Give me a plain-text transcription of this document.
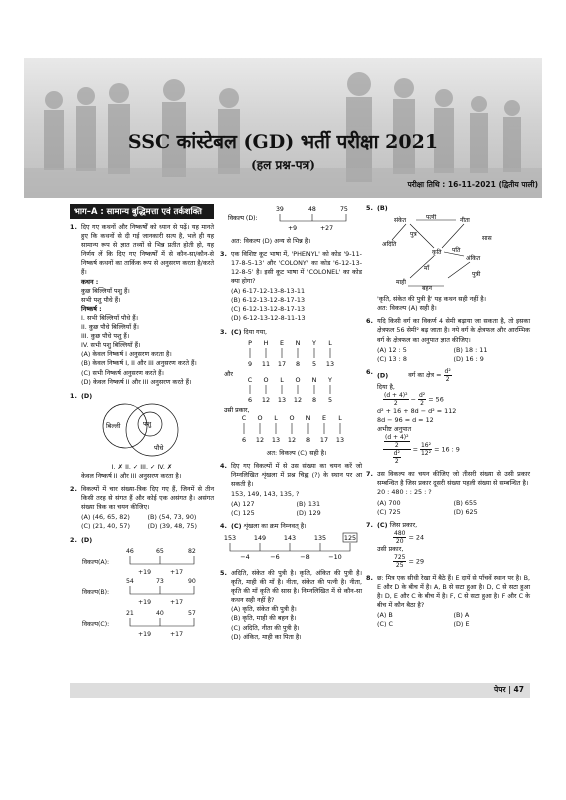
SSC कांस्टेबल (GD) भर्ती परीक्षा 2021
(हल प्रश्न-पत्र)
परीक्षा तिथि : 16-11-2021 (द्वितीय पाली)
भाग–A : सामान्य बुद्धिमत्ता एवं तर्कशक्ति
1. दिए गए कथनों और निष्कर्षों को ध्यान से पढ़ें। यह मानते हुए कि कथनों से दी गई जानकारी सत्य है, भले ही यह सामान्य रूप से ज्ञात तथ्यों से भिन्न प्रतीत होती हो, यह निर्णय लें कि दिए गए निष्कर्षों में से कौन-सा/कौन-से निष्कर्ष कथनों का तार्किक रूप से अनुसरण करता है/करते हैं।
कथन :
कुछ बिल्लियाँ पशु हैं।
सभी पशु पौधे हैं।
निष्कर्ष :
I. सभी बिल्लियाँ पौधे हैं।
II. कुछ पौधे बिल्लियाँ हैं।
III. कुछ पौधे पशु हैं।
IV. सभी पशु बिल्लियाँ हैं।
(A) केवल निष्कर्ष I अनुसरण करता है।
(B) केवल निष्कर्ष I, II और III अनुसरण करते हैं।
(C) सभी निष्कर्ष अनुसरण करते हैं।
(D) केवल निष्कर्ष II और III अनुसरण करते हैं।
1. (D)
बिल्ली	पशु
पौधे
I. ✗ II. ✓ III. ✓ IV. ✗
केवल निष्कर्ष II और III अनुसरण करता है।
2. विकल्पों में चार संख्या-त्रिक दिए गए हैं, जिनमें से तीन किसी तरह से संगत हैं और कोई एक असंगत है। असंगत संख्या त्रिक का चयन कीजिए।
(A) (46, 65, 82)	(B) (54, 73, 90)
(C) (21, 40, 57)	(D) (39, 48, 75)
2. (D)
विकल्प(A):
46	65	82
+19	+17
विकल्प(B):
54	73	90
+19	+17
विकल्प(C):
21	40	57
+19	+17
विकल्प (D):
39	48	75
+9	+27
अत: विकल्प (D) अन्य से भिन्न है।
3. एक विशिष्ट कूट भाषा में, 'PHENYL' को कोड '9-11-17-8-5-13' और 'COLONY' का कोड '6-12-13-12-8-5' है। इसी कूट भाषा में 'COLONEL' का कोड क्या होगा?
(A) 6-17-12-13-8-13-11
(B) 6-12-13-12-8-17-13
(C) 6-12-13-12-8-17-13
(D) 6-12-13-12-8-11-13
3. (C) दिया गया,
P H E N Y L
9 11 17 8 5 13
C O L O N Y
6 12 13 12 8 5
C O L O N E L
6 12 13 12 8 17 13
और
उसी प्रकार,
अत: विकल्प (C) सही है।
4. दिए गए विकल्पों में से उस संख्या का चयन करें जो निम्नलिखित शृंखला में प्रश्न चिह्न (?) के स्थान पर आ सकती है।
153, 149, 143, 135, ?
(A) 127	(B) 131
(C) 125	(D) 129
4. (C) शृंखला का क्रम निम्नवत् है।
153	149	143	135	125
−4	−6	−8	−10
5. अदिति, संकेत की पुत्री है। कृति, अंकित की पुत्री है। कृति, माही की माँ है। नीता, संकेत की पत्नी है। नीता, कृति की माँ कृति की सास है। निम्नलिखित में से कौन-सा कथन सही नहीं है?
(A) कृति, संकेत की पुत्री है।
(B) कृति, माही की बहन है।
(C) अदिति, नीता की पुत्री है।
(D) अंकित, माही का पिता है।
5. (B)
संकेत	पत्नी	नीता
पुत्र
सास
अदिति
कृति
अंकित
पति
माँ
पुत्री
माही
बहन
'कृति, संकेत की पुत्री है' यह कथन सही नहीं है।
अत: विकल्प (A) सही है।
6. यदि किसी वर्ग का विकर्ण 4 सेमी बढ़ाया जा सकता है, तो इसका क्षेत्रफल 56 सेमी² बढ़ जाता है। नये वर्ग के क्षेत्रफल और आरम्भिक वर्ग के क्षेत्रफल का अनुपात ज्ञात कीजिए।
(A) 12 : 5	(B) 18 : 11
(C) 13 : 8	(D) 16 : 9
6. (D)	वर्ग का क्षेत्र = $\frac{\text{d²}}{2}$
दिया है,
$\frac{\text{(d + 4)²}}{2} - \frac{\text{d²}}{2} = 56$
d² + 16 + 8d − d² = 112
8d − 96 = d = 12
अभीष्ट अनुपात
$\frac{\frac{\text{(d + 4)²}}{2}}{\frac{\text{d²}}{2}} = \frac{\text{16²}}{\text{12²}} = 16$ : 9
7. उस विकल्प का चयन कीजिए जो तीसरी संख्या से उसी प्रकार सम्बन्धित है जिस प्रकार दूसरी संख्या पहली संख्या से सम्बन्धित है।
20 : 480 : : 25 : ?
(A) 700	(B) 655
(C) 725	(D) 625
7. (C) जिस प्रकार,
$\frac{480}{20} = 24$
उसी प्रकार,
$\frac{725}{25} = 29$
8. छ: मित्र एक सीधी रेखा में बैठे हैं। E दायें से पाँचवें स्थान पर है। B, E और D के बीच में है। A, B से सटा हुआ है। D, C से सटा हुआ है। D, E और C के बीच में है। F, C से सटा हुआ है। F और C के बीच में कौन बैठा है?
(A) B	(B) A
(C) C	(D) E
पेपर | 47
